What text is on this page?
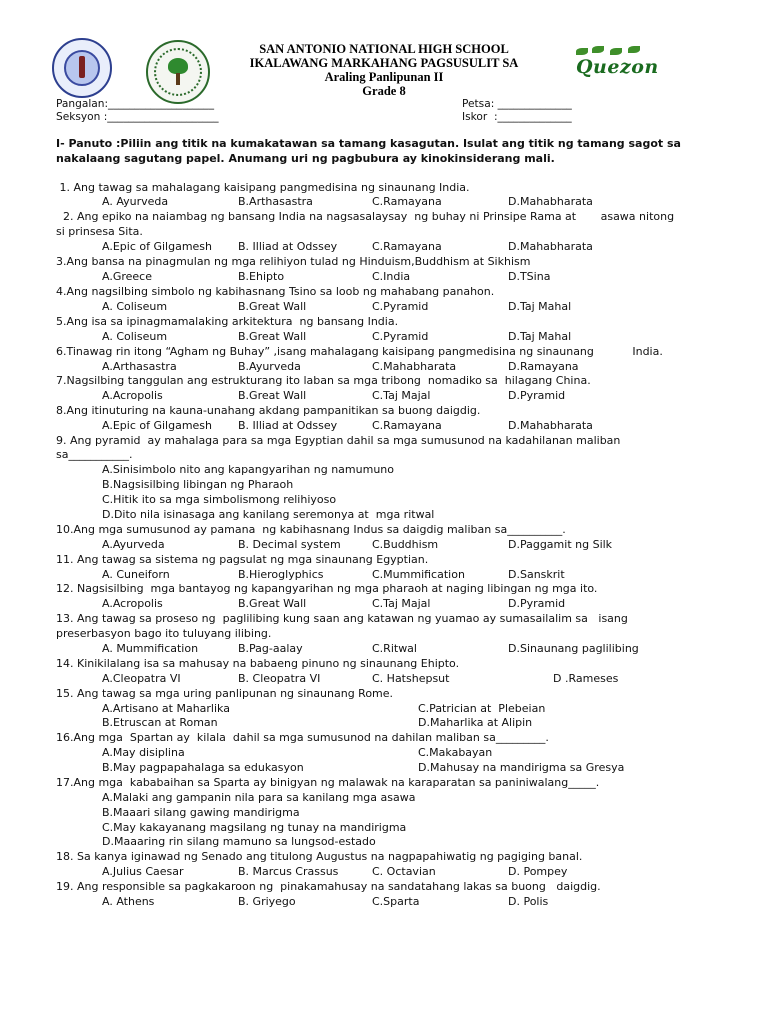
Quezon
SAN ANTONIO NATIONAL HIGH SCHOOL
IKALAWANG MARKAHANG PAGSUSULIT SA
Araling Panlipunan II
Grade 8
Pangalan:____________________
Seksyon :_____________________
Petsa: ______________
Iskor  :______________
I- Panuto :Piliin ang titik na kumakatawan sa tamang kasagutan. Isulat ang titik ng tamang sagot sa nakalaang sagutang papel. Anumang uri ng pagbubura ay kinokinsiderang mali.
1. Ang tawag sa mahalagang kaisipang pangmedisina ng sinaunang India.
A. Ayurveda	B.Arthasastra	C.Ramayana	D.Mahabharata
2. Ang epiko na naiambag ng bansang India na nagsasalaysay  ng buhay ni Prinsipe Rama at       asawa nitong
si prinsesa Sita.
A.Epic of Gilgamesh B. Illiad at Odssey	C.Ramayana	D.Mahabharata
3.Ang bansa na pinagmulan ng mga relihiyon tulad ng Hinduism,Buddhism at Sikhism
A.Greece	B.Ehipto	C.India	D.TSina
4.Ang nagsilbing simbolo ng kabihasnang Tsino sa loob ng mahabang panahon.
A. Coliseum	B.Great Wall	C.Pyramid	D.Taj Mahal
5.Ang isa sa ipinagmamalaking arkitektura  ng bansang India.
A. Coliseum	B.Great Wall	C.Pyramid	D.Taj Mahal
6.Tinawag rin itong “Agham ng Buhay” ,isang mahalagang kaisipang pangmedisina ng sinaunang           India.
A.Arthasastra	B.Ayurveda	C.Mahabharata	D.Ramayana
7.Nagsilbing tanggulan ang estrukturang ito laban sa mga tribong  nomadiko sa  hilagang China.
A.Acropolis	B.Great Wall	C.Taj Majal	D.Pyramid
8.Ang itinuturing na kauna-unahang akdang pampanitikan sa buong daigdig.
A.Epic of Gilgamesh B. Illiad at Odssey	C.Ramayana	D.Mahabharata
9. Ang pyramid  ay mahalaga para sa mga Egyptian dahil sa mga sumusunod na kadahilanan maliban
sa___________.
A.Sinisimbolo nito ang kapangyarihan ng namumuno
B.Nagsisilbing libingan ng Pharaoh
C.Hitik ito sa mga simbolismong relihiyoso
D.Dito nila isinasaga ang kanilang seremonya at  mga ritwal
10.Ang mga sumusunod ay pamana  ng kabihasnang Indus sa daigdig maliban sa__________.
A.Ayurveda	B. Decimal system	C.Buddhism	D.Paggamit ng Silk
11. Ang tawag sa sistema ng pagsulat ng mga sinaunang Egyptian.
A. Cuneiforn	B.Hieroglyphics	C.Mummification	D.Sanskrit
12. Nagsisilbing  mga bantayog ng kapangyarihan ng mga pharaoh at naging libingan ng mga ito.
A.Acropolis	B.Great Wall	C.Taj Majal	D.Pyramid
13. Ang tawag sa proseso ng  paglilibing kung saan ang katawan ng yuamao ay sumasailalim sa   isang
preserbasyon bago ito tuluyang ilibing.
A. Mummification	B.Pag-aalay	C.Ritwal	D.Sinaunang paglilibing
14. Kinikilalang isa sa mahusay na babaeng pinuno ng sinaunang Ehipto.
A.Cleopatra VI	B. Cleopatra VI	C. Hatshepsut	D .Rameses
15. Ang tawag sa mga uring panlipunan ng sinaunang Rome.
A.Artisano at Maharlika
B.Etruscan at Roman
C.Patrician at  Plebeian
D.Maharlika at Alipin
16.Ang mga  Spartan ay  kilala  dahil sa mga sumusunod na dahilan maliban sa_________.
A.May disiplina
B.May pagpapahalaga sa edukasyon
C.Makabayan
D.Mahusay na mandirigma sa Gresya
17.Ang mga  kababaihan sa Sparta ay binigyan ng malawak na karaparatan sa paniniwalang_____.
A.Malaki ang gampanin nila para sa kanilang mga asawa
B.Maaari silang gawing mandirigma
C.May kakayanang magsilang ng tunay na mandirigma
D.Maaaring rin silang mamuno sa lungsod-estado
18. Sa kanya iginawad ng Senado ang titulong Augustus na nagpapahiwatig ng pagiging banal.
A.Julius Caesar	B. Marcus Crassus	C. Octavian	D. Pompey
19. Ang responsible sa pagkakaroon ng  pinakamahusay na sandatahang lakas sa buong   daigdig.
A. Athens	B. Griyego	C.Sparta	D. Polis
